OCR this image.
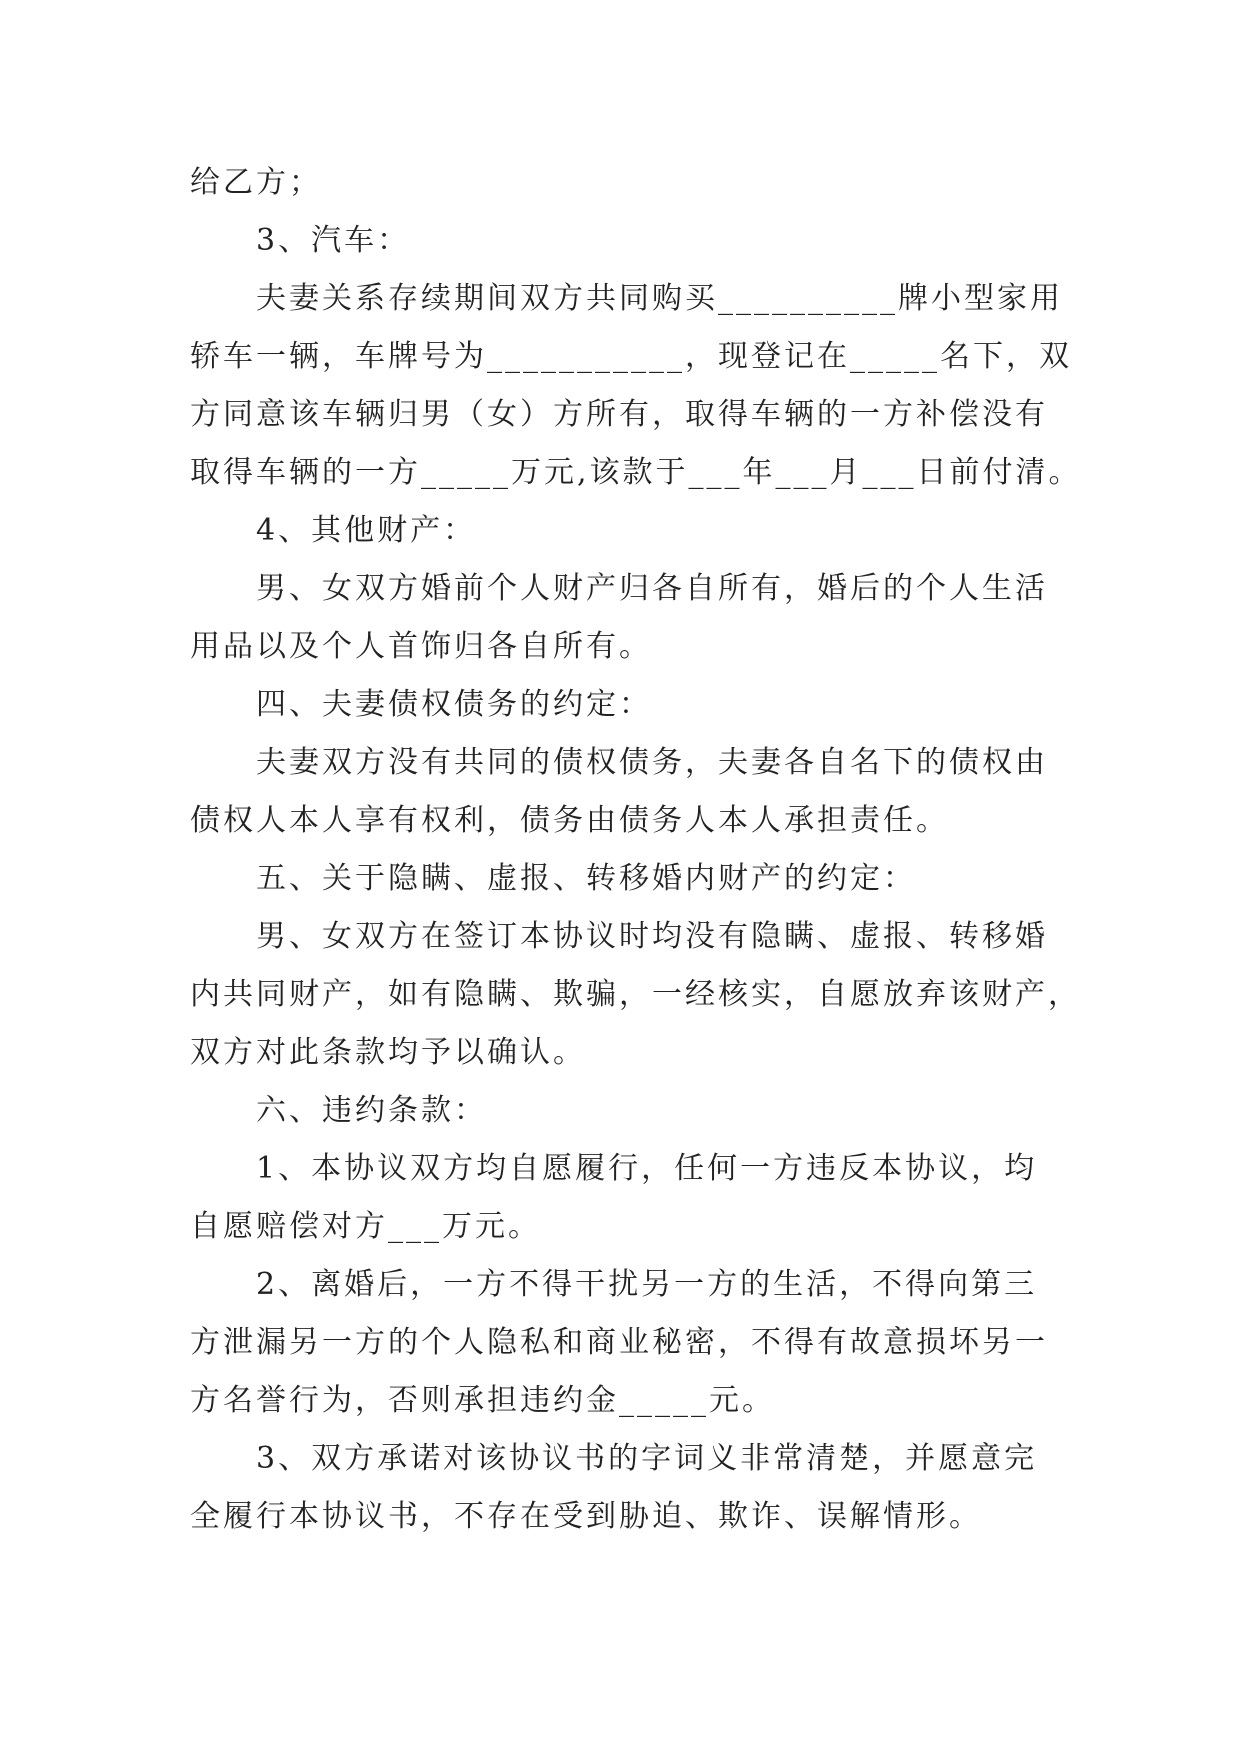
给乙方；
3、汽车：
夫妻关系存续期间双方共同购买__________牌小型家用
轿车一辆，车牌号为___________，现登记在_____名下，双
方同意该车辆归男（女）方所有，取得车辆的一方补偿没有
取得车辆的一方_____万元,该款于___年___月___日前付清。
4、其他财产：
男、女双方婚前个人财产归各自所有，婚后的个人生活
用品以及个人首饰归各自所有。
四、夫妻债权债务的约定：
夫妻双方没有共同的债权债务，夫妻各自名下的债权由
债权人本人享有权利，债务由债务人本人承担责任。
五、关于隐瞒、虚报、转移婚内财产的约定：
男、女双方在签订本协议时均没有隐瞒、虚报、转移婚
内共同财产，如有隐瞒、欺骗，一经核实，自愿放弃该财产，
双方对此条款均予以确认。
六、违约条款：
1、本协议双方均自愿履行，任何一方违反本协议，均
自愿赔偿对方___万元。
2、离婚后，一方不得干扰另一方的生活，不得向第三
方泄漏另一方的个人隐私和商业秘密，不得有故意损坏另一
方名誉行为，否则承担违约金_____元。
3、双方承诺对该协议书的字词义非常清楚，并愿意完
全履行本协议书，不存在受到胁迫、欺诈、误解情形。
